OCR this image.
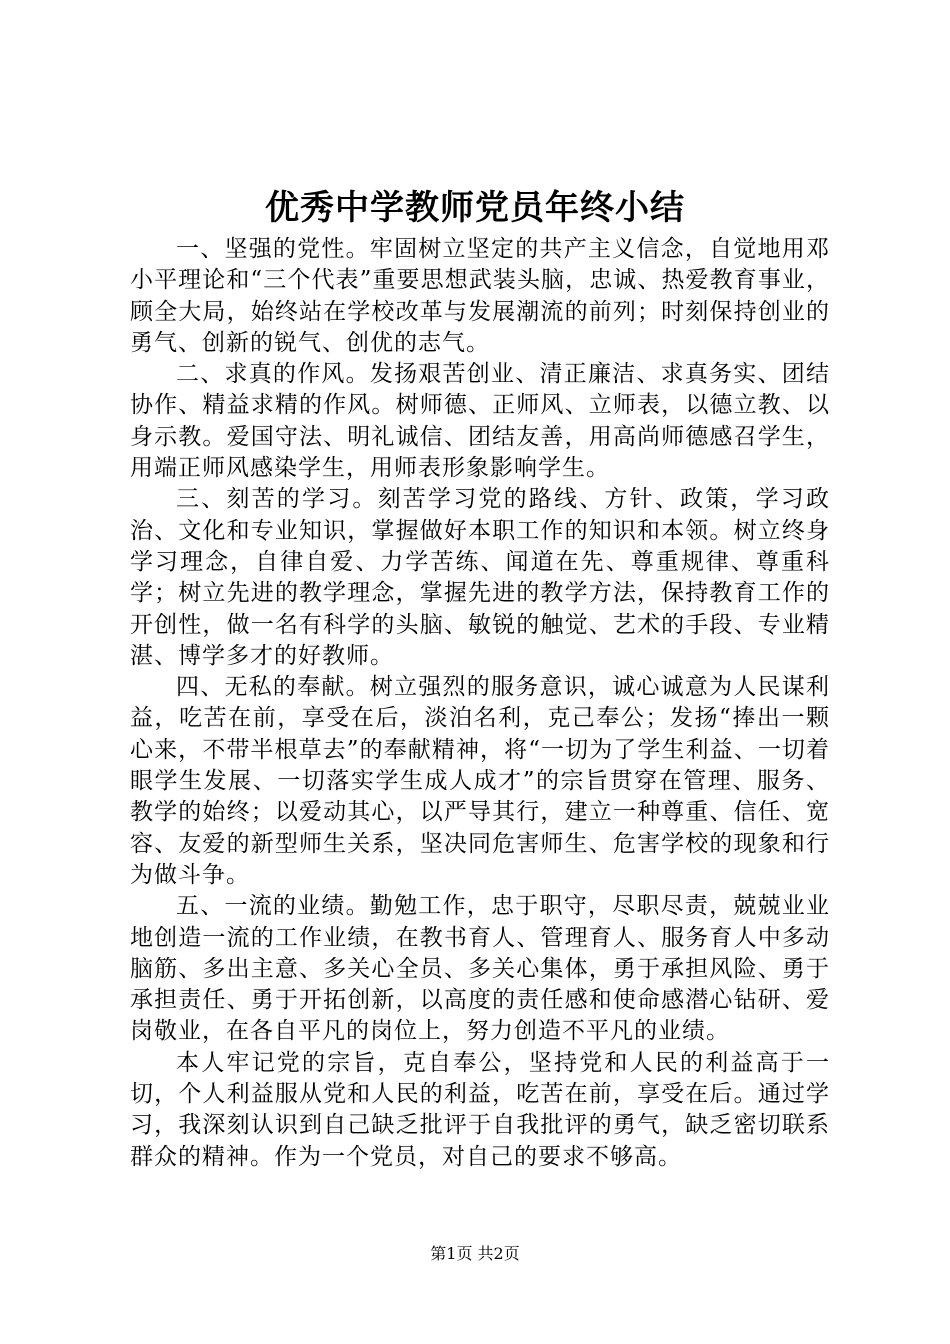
优秀中学教师党员年终小结

一、坚强的党性。牢固树立坚定的共产主义信念，自觉地用邓小平理论和“三个代表”重要思想武装头脑，忠诚、热爱教育事业，顾全大局，始终站在学校改革与发展潮流的前列；时刻保持创业的勇气、创新的锐气、创优的志气。

二、求真的作风。发扬艰苦创业、清正廉洁、求真务实、团结协作、精益求精的作风。树师德、正师风、立师表，以德立教、以身示教。爱国守法、明礼诚信、团结友善，用高尚师德感召学生，用端正师风感染学生，用师表形象影响学生。

三、刻苦的学习。刻苦学习党的路线、方针、政策，学习政治、文化和专业知识，掌握做好本职工作的知识和本领。树立终身学习理念，自律自爱、力学苦练、闻道在先、尊重规律、尊重科学；树立先进的教学理念，掌握先进的教学方法，保持教育工作的开创性，做一名有科学的头脑、敏锐的触觉、艺术的手段、专业精湛、博学多才的好教师。

四、无私的奉献。树立强烈的服务意识，诚心诚意为人民谋利益，吃苦在前，享受在后，淡泊名利，克己奉公；发扬“捧出一颗心来，不带半根草去”的奉献精神，将“一切为了学生利益、一切着眼学生发展、一切落实学生成人成才”的宗旨贯穿在管理、服务、教学的始终；以爱动其心，以严导其行，建立一种尊重、信任、宽容、友爱的新型师生关系，坚决同危害师生、危害学校的现象和行为做斗争。

五、一流的业绩。勤勉工作，忠于职守，尽职尽责，兢兢业业地创造一流的工作业绩，在教书育人、管理育人、服务育人中多动脑筋、多出主意、多关心全员、多关心集体，勇于承担风险、勇于承担责任、勇于开拓创新，以高度的责任感和使命感潜心钻研、爱岗敬业，在各自平凡的岗位上，努力创造不平凡的业绩。

本人牢记党的宗旨，克自奉公，坚持党和人民的利益高于一切，个人利益服从党和人民的利益，吃苦在前，享受在后。通过学习，我深刻认识到自己缺乏批评于自我批评的勇气，缺乏密切联系群众的精神。作为一个党员，对自己的要求不够高。

第1页 共2页
